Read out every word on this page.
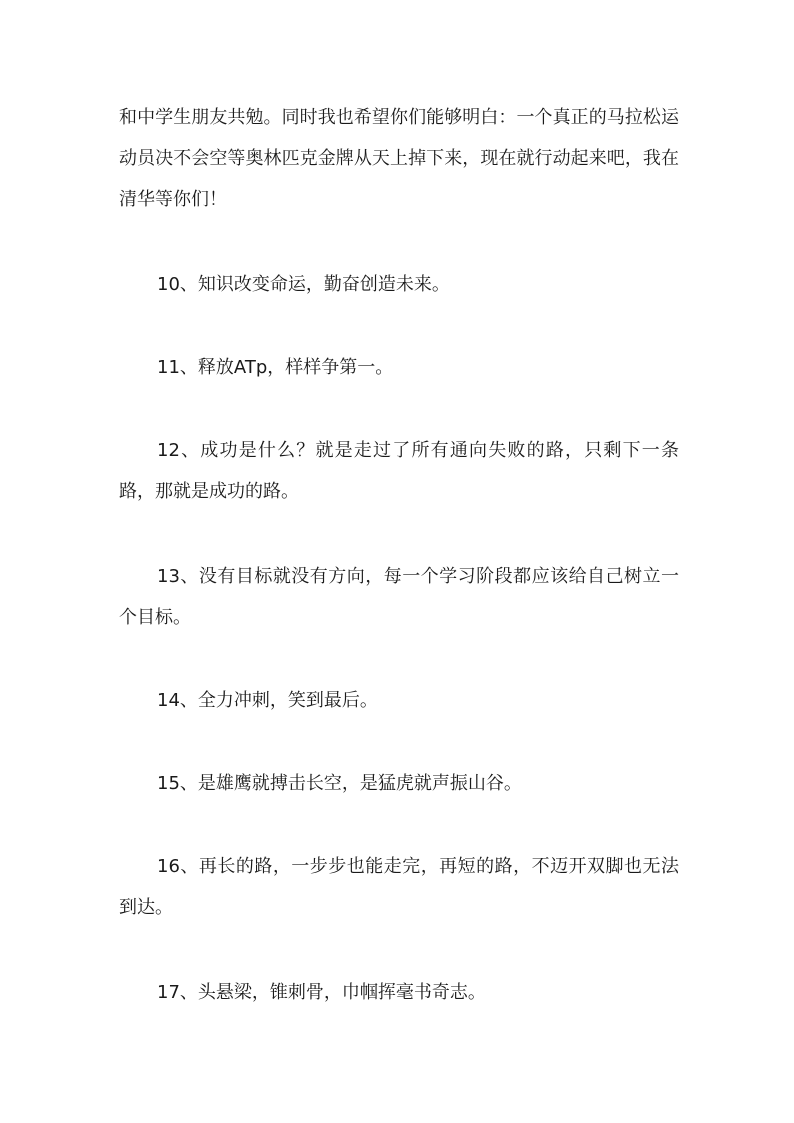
和中学生朋友共勉。同时我也希望你们能够明白：一个真正的马拉松运动员决不会空等奥林匹克金牌从天上掉下来，现在就行动起来吧，我在清华等你们！

10、知识改变命运，勤奋创造未来。

11、释放ATp，样样争第一。

12、成功是什么？就是走过了所有通向失败的路，只剩下一条路，那就是成功的路。

13、没有目标就没有方向，每一个学习阶段都应该给自己树立一个目标。

14、全力冲刺，笑到最后。

15、是雄鹰就搏击长空，是猛虎就声振山谷。

16、再长的路，一步步也能走完，再短的路，不迈开双脚也无法到达。

17、头悬梁，锥刺骨，巾帼挥毫书奇志。
